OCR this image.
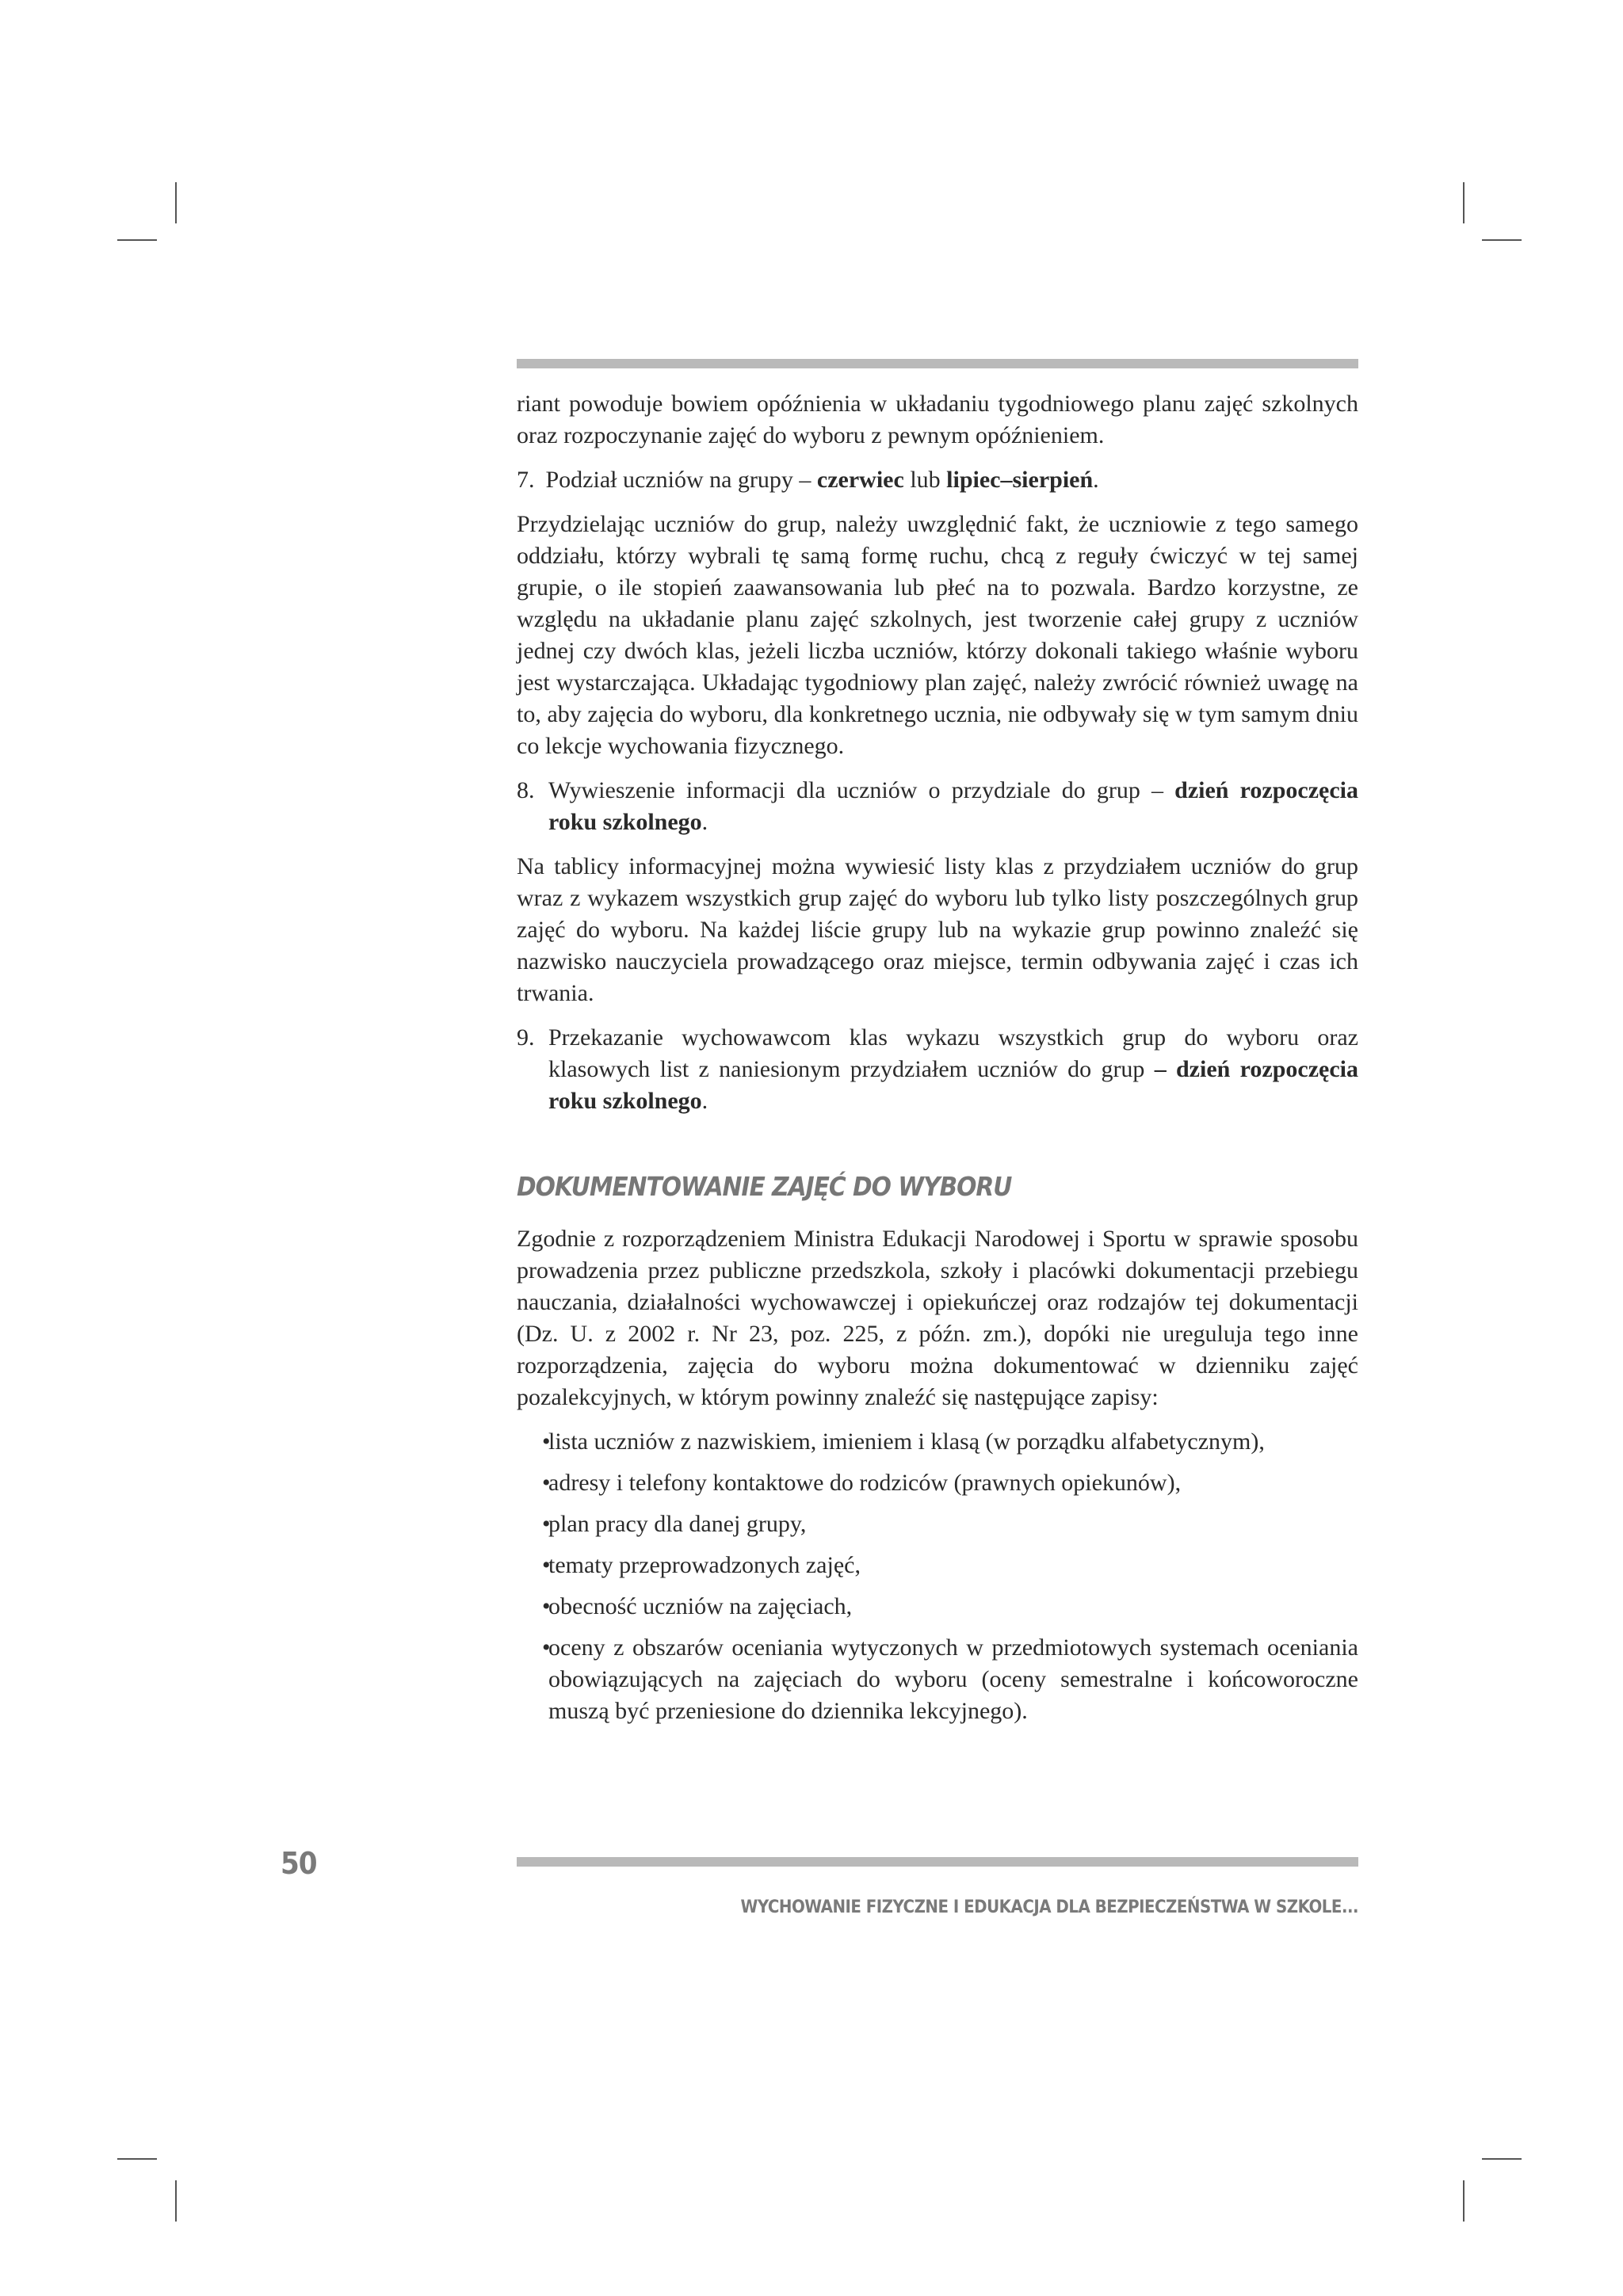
riant powoduje bowiem opóźnienia w układaniu tygodniowego planu zajęć szkolnych oraz rozpoczynanie zajęć do wyboru z pewnym opóźnieniem.

7. Podział uczniów na grupy – czerwiec lub lipiec–sierpień.

Przydzielając uczniów do grup, należy uwzględnić fakt, że uczniowie z tego samego oddziału, którzy wybrali tę samą formę ruchu, chcą z reguły ćwiczyć w tej samej grupie, o ile stopień zaawansowania lub płeć na to pozwala. Bardzo korzystne, ze względu na układanie planu zajęć szkolnych, jest tworzenie całej grupy z uczniów jednej czy dwóch klas, jeżeli liczba uczniów, którzy dokonali takiego właśnie wyboru jest wystarczająca. Układając tygodniowy plan zajęć, należy zwrócić również uwagę na to, aby zajęcia do wyboru, dla konkretnego ucznia, nie odbywały się w tym samym dniu co lekcje wychowania fizycznego.

8. Wywieszenie informacji dla uczniów o przydziale do grup – dzień rozpoczęcia roku szkolnego.

Na tablicy informacyjnej można wywiesić listy klas z przydziałem uczniów do grup wraz z wykazem wszystkich grup zajęć do wyboru lub tylko listy poszczególnych grup zajęć do wyboru. Na każdej liście grupy lub na wykazie grup powinno znaleźć się nazwisko nauczyciela prowadzącego oraz miejsce, termin odbywania zajęć i czas ich trwania.

9. Przekazanie wychowawcom klas wykazu wszystkich grup do wyboru oraz klasowych list z naniesionym przydziałem uczniów do grup – dzień rozpoczęcia roku szkolnego.
DOKUMENTOWANIE ZAJĘĆ DO WYBORU

Zgodnie z rozporządzeniem Ministra Edukacji Narodowej i Sportu w sprawie sposobu prowadzenia przez publiczne przedszkola, szkoły i placówki dokumentacji przebiegu nauczania, działalności wychowawczej i opiekuńczej oraz rodzajów tej dokumentacji (Dz. U. z 2002 r. Nr 23, poz. 225, z późn. zm.), dopóki nie ureguluja tego inne rozporządzenia, zajęcia do wyboru można dokumentować w dzienniku zajęć pozalekcyjnych, w którym powinny znaleźć się następujące zapisy:

•
lista uczniów z nazwiskiem, imieniem i klasą (w porządku alfabetycznym),
•
adresy i telefony kontaktowe do rodziców (prawnych opiekunów),
•
plan pracy dla danej grupy,
•
tematy przeprowadzonych zajęć,
•
obecność uczniów na zajęciach,
•
oceny z obszarów oceniania wytyczonych w przedmiotowych systemach oceniania obowiązujących na zajęciach do wyboru (oceny semestralne i końcoworoczne muszą być przeniesione do dziennika lekcyjnego).
50
WYCHOWANIE FIZYCZNE I EDUKACJA DLA BEZPIECZEŃSTWA W SZKOLE...
